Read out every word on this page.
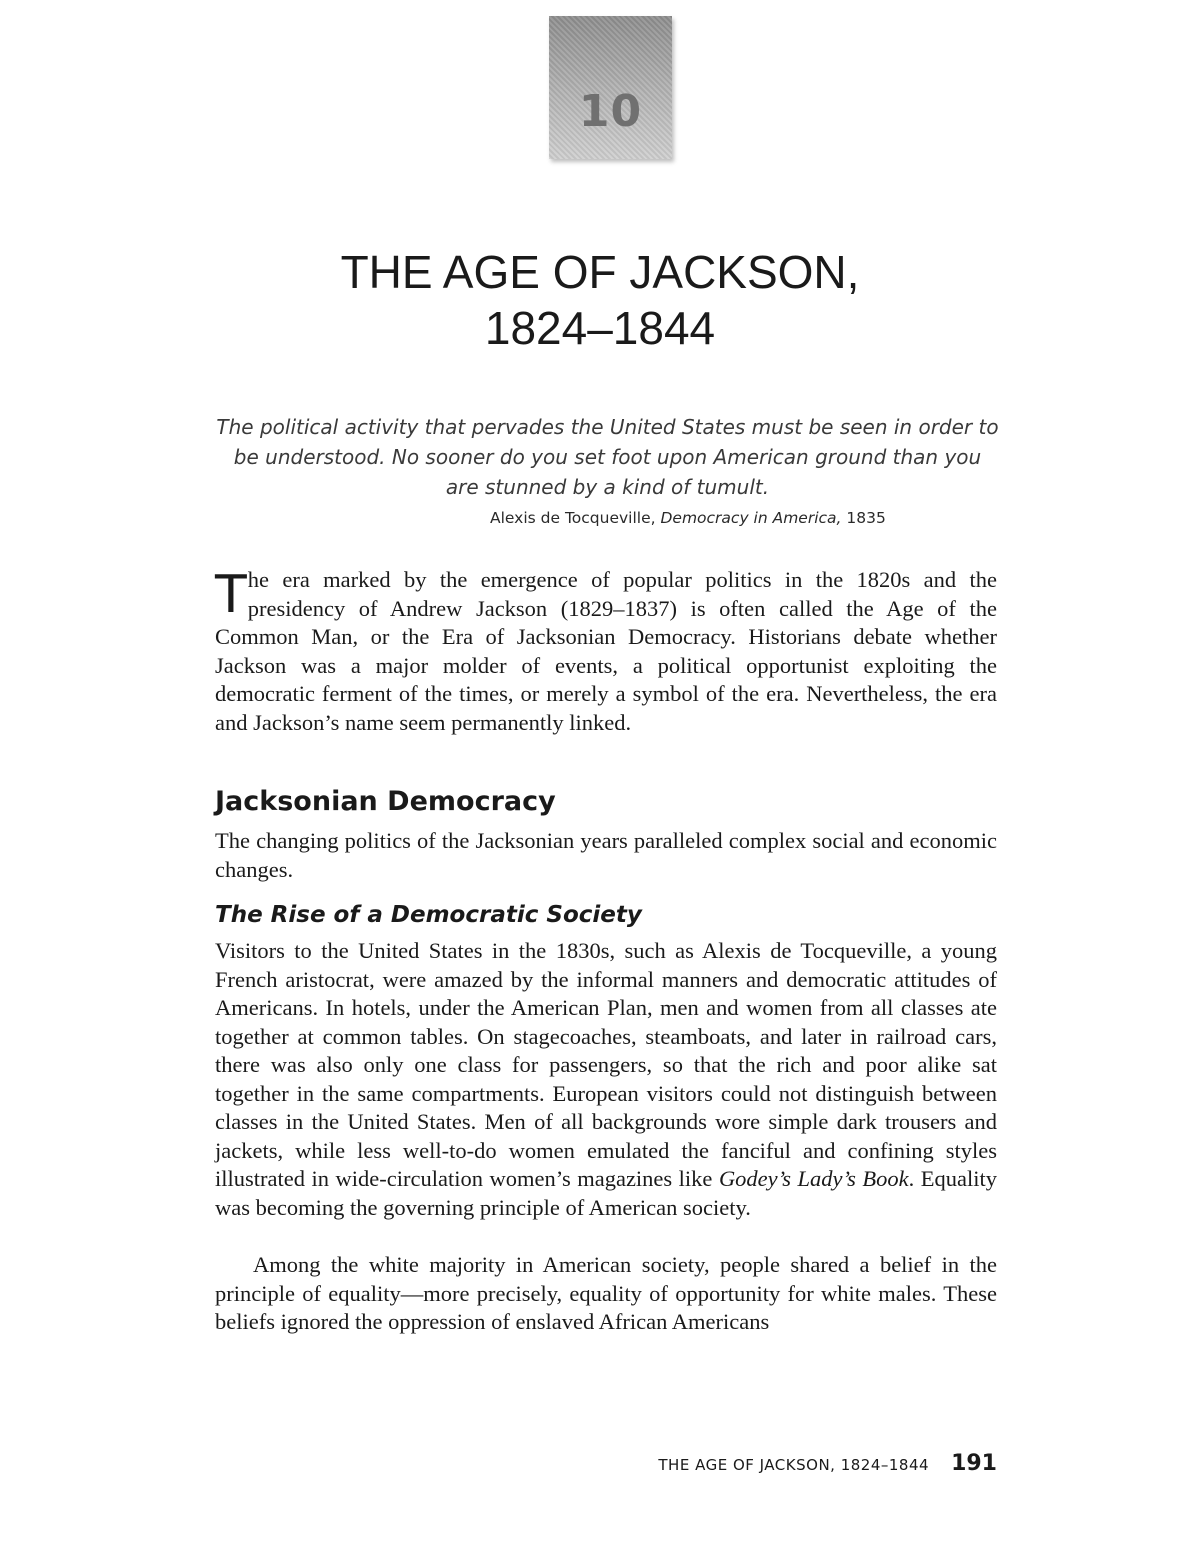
10
THE AGE OF JACKSON,
1824–1844

The political activity that pervades the United States must be seen in order to be understood. No sooner do you set foot upon American ground than you are stunned by a kind of tumult.

Alexis de Tocqueville, Democracy in America, 1835

The era marked by the emergence of popular politics in the 1820s and the presidency of Andrew Jackson (1829–1837) is often called the Age of the Common Man, or the Era of Jacksonian Democracy. Historians debate whether Jackson was a major molder of events, a political opportunist exploiting the democratic ferment of the times, or merely a symbol of the era. Nevertheless, the era and Jackson’s name seem permanently linked.

Jacksonian Democracy

The changing politics of the Jacksonian years paralleled complex social and economic changes.

The Rise of a Democratic Society

Visitors to the United States in the 1830s, such as Alexis de Tocqueville, a young French aristocrat, were amazed by the informal manners and democratic attitudes of Americans. In hotels, under the American Plan, men and women from all classes ate together at common tables. On stagecoaches, steamboats, and later in railroad cars, there was also only one class for passengers, so that the rich and poor alike sat together in the same compartments. European visitors could not distinguish between classes in the United States. Men of all backgrounds wore simple dark trousers and jackets, while less well-to-do women emulated the fanciful and confining styles illustrated in wide-circulation women’s magazines like Godey’s Lady’s Book. Equality was becoming the governing principle of American society.

Among the white majority in American society, people shared a belief in the principle of equality—more precisely, equality of opportunity for white males. These beliefs ignored the oppression of enslaved African Americans

THE AGE OF JACKSON, 1824–1844 191
